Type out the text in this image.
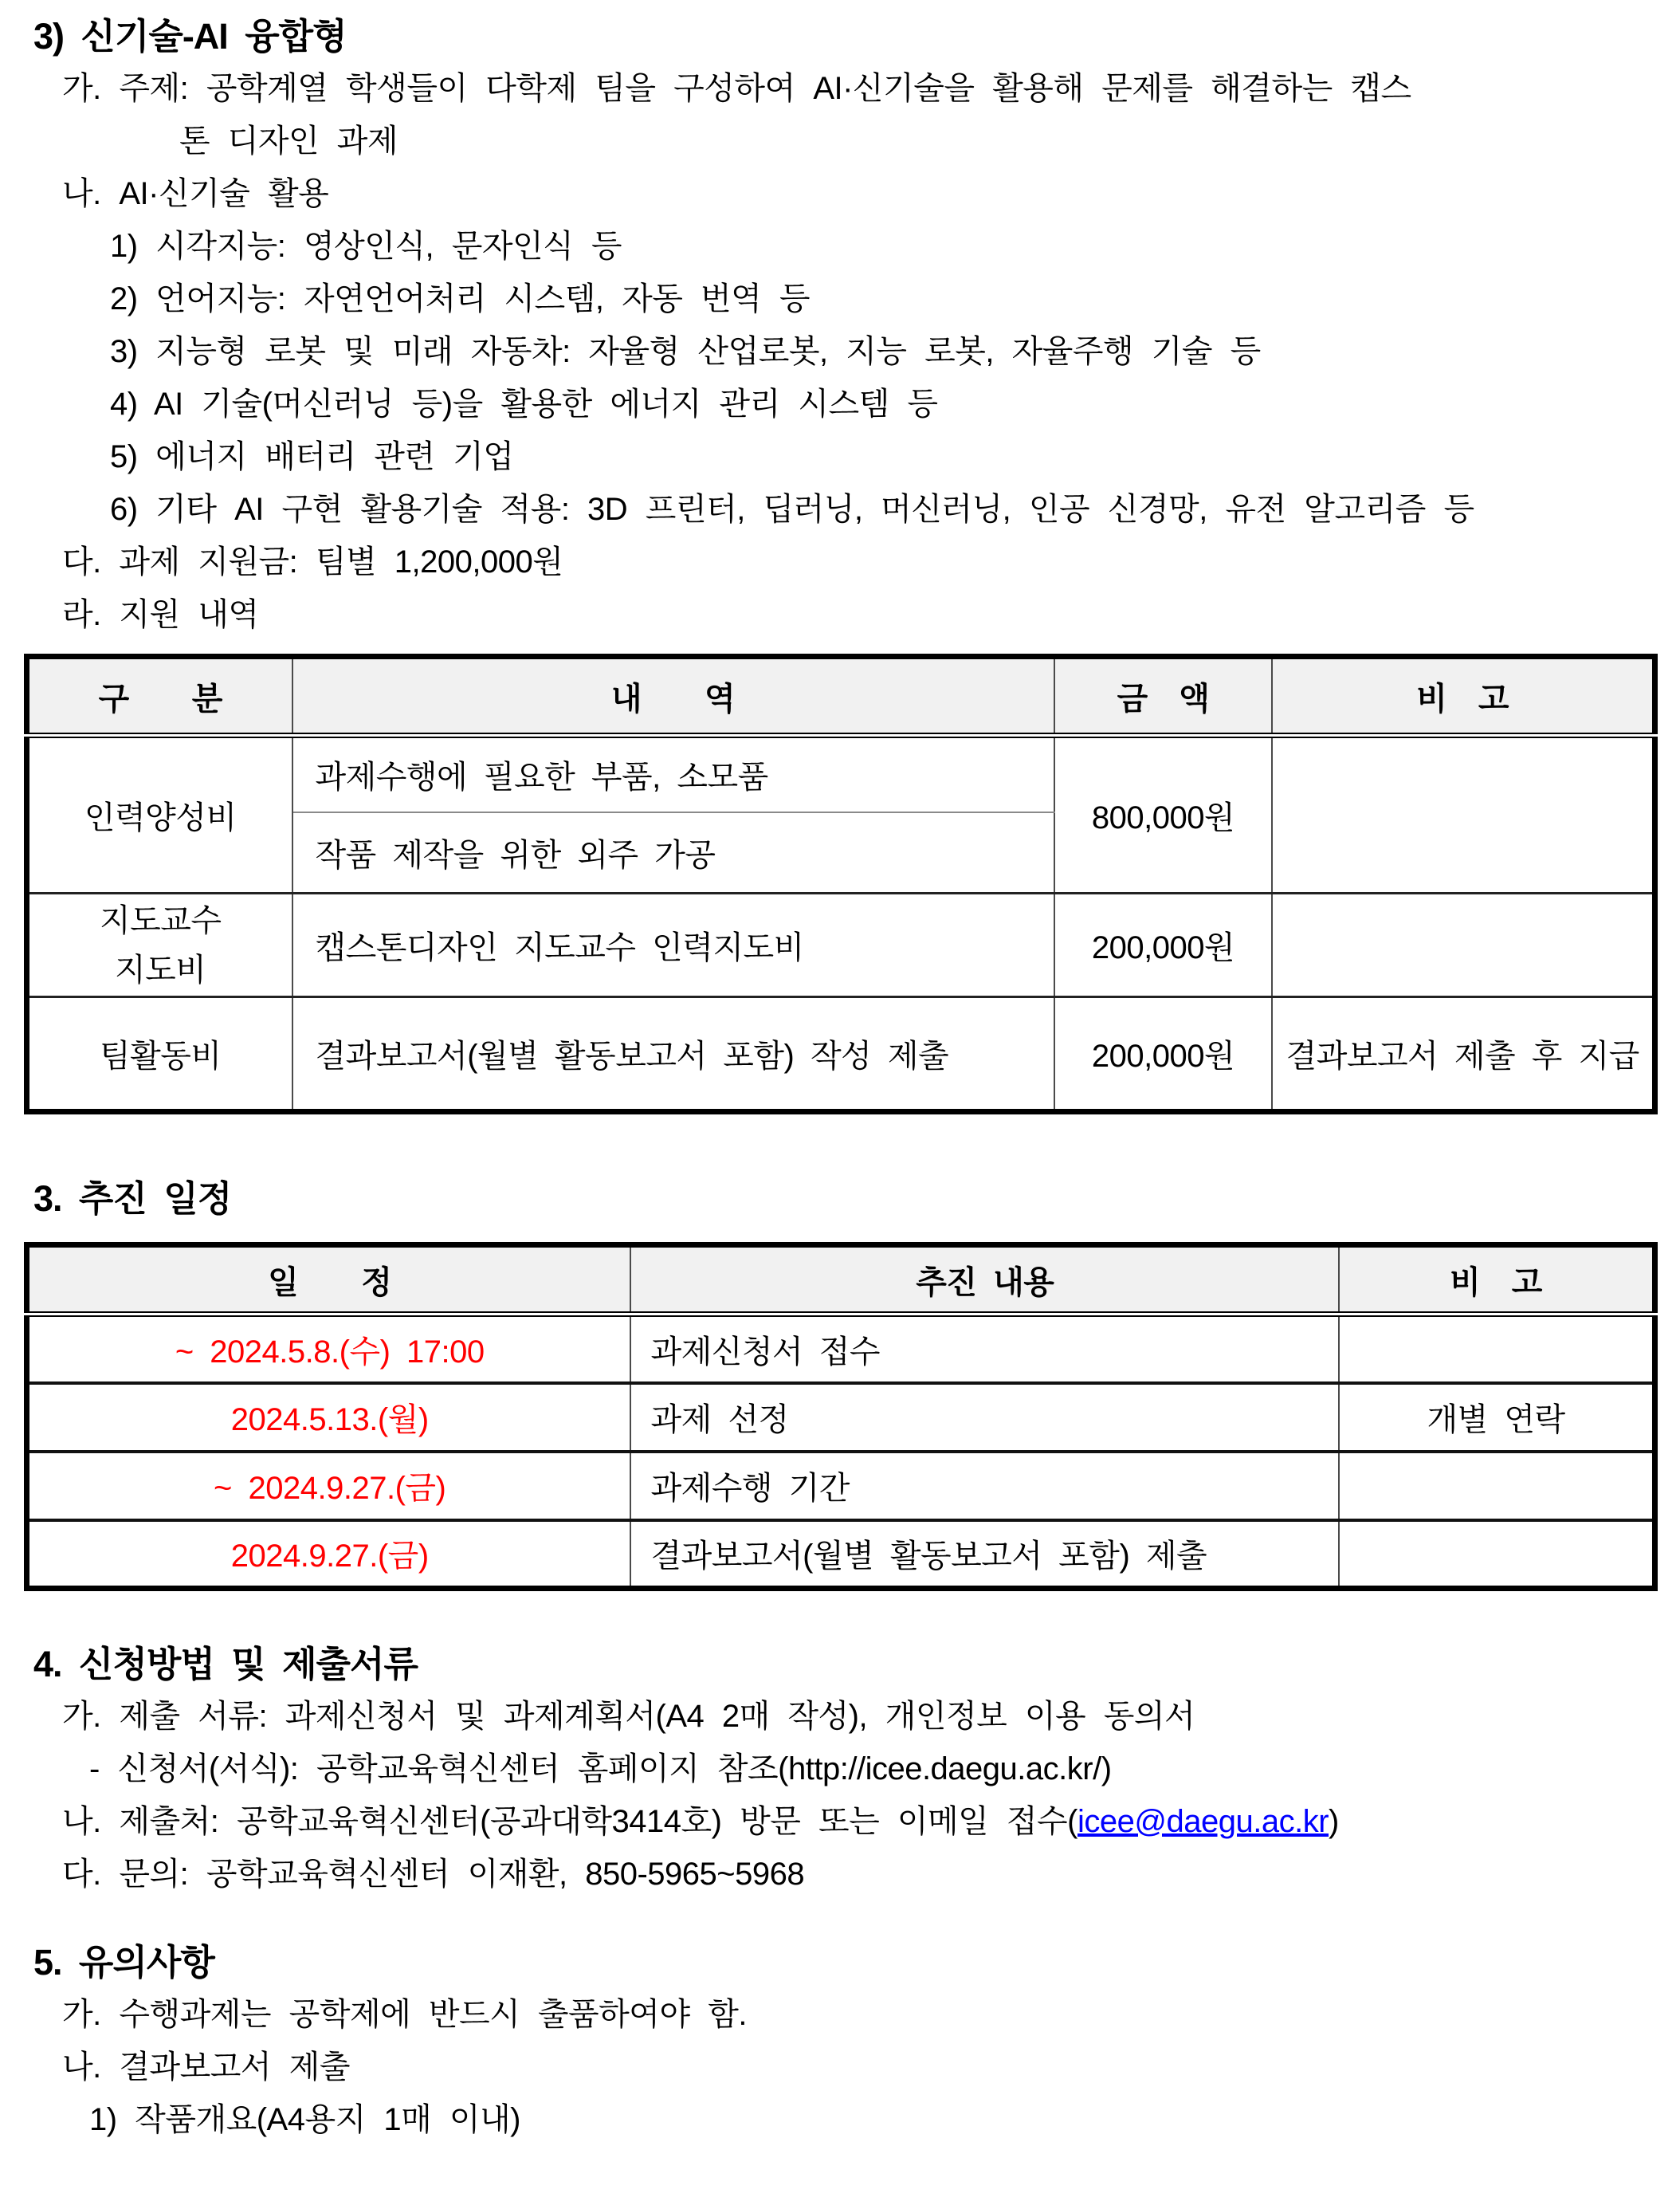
3) 신기술-AI 융합형
가. 주제: 공학계열 학생들이 다학제 팀을 구성하여 AI·신기술을 활용해 문제를 해결하는 캡스
톤 디자인 과제
나. AI·신기술 활용
1) 시각지능: 영상인식, 문자인식 등
2) 언어지능: 자연언어처리 시스템, 자동 번역 등
3) 지능형 로봇 및 미래 자동차: 자율형 산업로봇, 지능 로봇, 자율주행 기술 등
4) AI 기술(머신러닝 등)을 활용한 에너지 관리 시스템 등
5) 에너지 배터리 관련 기업
6) 기타 AI 구현 활용기술 적용: 3D 프린터, 딥러닝, 머신러닝, 인공 신경망, 유전 알고리즘 등
다. 과제 지원금: 팀별 1,200,000원
라. 지원 내역
구  분	내  역	금 액	비 고
인력양성비	과제수행에 필요한 부품, 소모품	800,000원	
	작품 제작을 위한 외주 가공		

지도교수
지도비	캡스톤디자인 지도교수 인력지도비	200,000원	
팀활동비	결과보고서(월별 활동보고서 포함) 작성 제출	200,000원	결과보고서 제출 후 지급
3. 추진 일정
일  정	추진 내용	비 고
~ 2024.5.8.(수) 17:00	과제신청서 접수	
2024.5.13.(월)	과제 선정	개별 연락
~ 2024.9.27.(금)	과제수행 기간	
2024.9.27.(금)	결과보고서(월별 활동보고서 포함) 제출	
4. 신청방법 및 제출서류
가. 제출 서류: 과제신청서 및 과제계획서(A4 2매 작성), 개인정보 이용 동의서
- 신청서(서식): 공학교육혁신센터 홈페이지 참조(http://icee.daegu.ac.kr/)
나. 제출처: 공학교육혁신센터(공과대학3414호) 방문 또는 이메일 접수(icee@daegu.ac.kr)
다. 문의: 공학교육혁신센터 이재환, 850-5965~5968
5. 유의사항
가. 수행과제는 공학제에 반드시 출품하여야 함.
나. 결과보고서 제출
1) 작품개요(A4용지 1매 이내)
